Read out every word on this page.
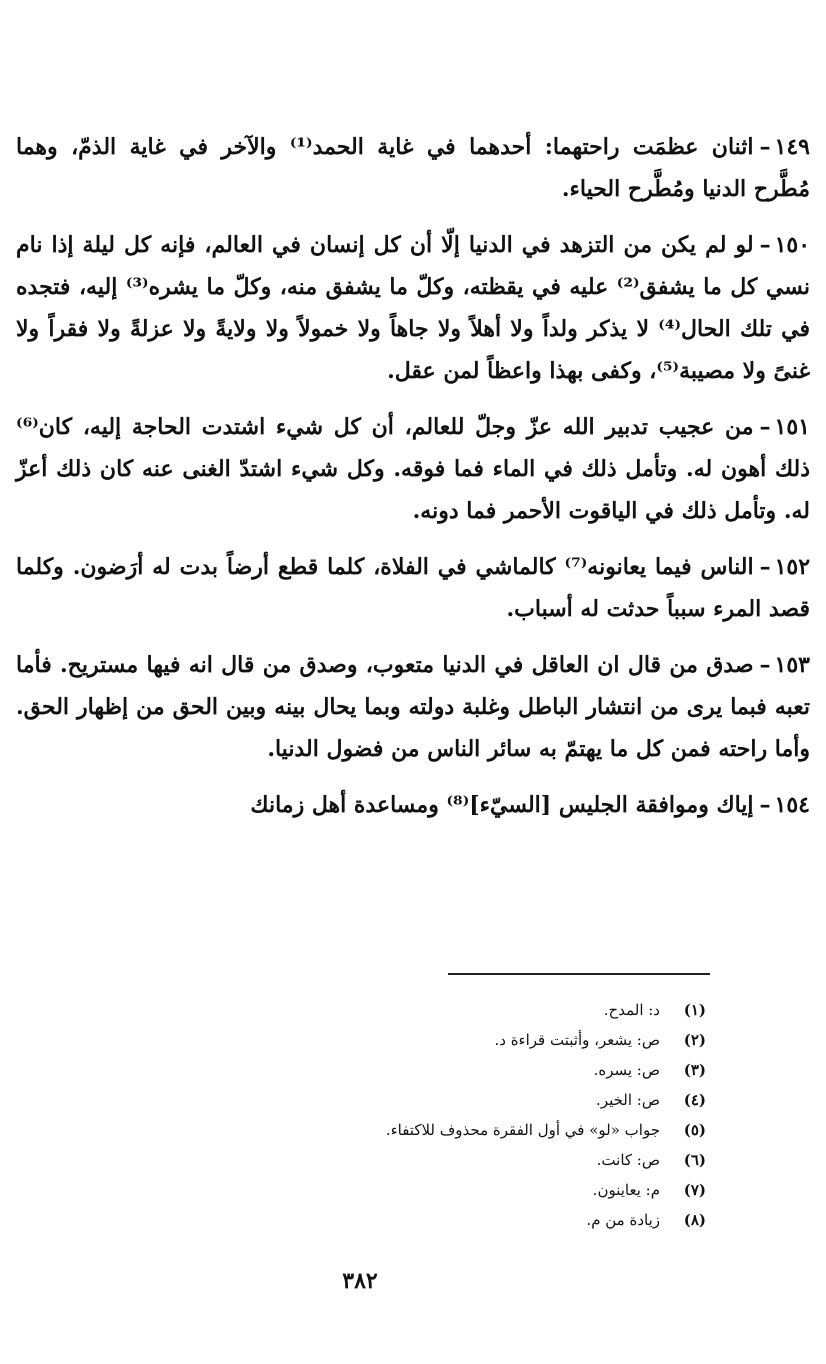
١٤٩–اثنان عظمَت راحتهما: أحدهما في غاية الحمد⁽¹⁾ والآخر في غاية الذمّ، وهما مُطَّرح الدنيا ومُطَّرح الحياء.

١٥٠–لو لم يكن من التزهد في الدنيا إلّا أن كل إنسان في العالم، فإنه كل ليلة إذا نام نسي كل ما يشفق⁽²⁾ عليه في يقظته، وكلّ ما يشفق منه، وكلّ ما يشره⁽³⁾ إليه، فتجده في تلك الحال⁽⁴⁾ لا يذكر ولداً ولا أهلاً ولا جاهاً ولا خمولاً ولا ولايةً ولا عزلةً ولا فقراً ولا غنىً ولا مصيبة⁽⁵⁾، وكفى بهذا واعظاً لمن عقل.

١٥١–من عجيب تدبير الله عزّ وجلّ للعالم، أن كل شيء اشتدت الحاجة إليه، كان⁽⁶⁾ ذلك أهون له. وتأمل ذلك في الماء فما فوقه. وكل شيء اشتدّ الغنى عنه كان ذلك أعزّ له. وتأمل ذلك في الياقوت الأحمر فما دونه.

١٥٢–الناس فيما يعانونه⁽⁷⁾ كالماشي في الفلاة، كلما قطع أرضاً بدت له أرَضون. وكلما قصد المرء سبباً حدثت له أسباب.

١٥٣–صدق من قال ان العاقل في الدنيا متعوب، وصدق من قال انه فيها مستريح. فأما تعبه فبما يرى من انتشار الباطل وغلبة دولته وبما يحال بينه وبين الحق من إظهار الحق. وأما راحته فمن كل ما يهتمّ به سائر الناس من فضول الدنيا.

١٥٤–إياك وموافقة الجليس [السيّء]⁽⁸⁾ ومساعدة أهل زمانك

(١)د: المدح.
(٢)ص: يشعر، وأثبتت قراءة د.
(٣)ص: يسره.
(٤)ص: الخير.
(٥)جواب «لو» في أول الفقرة محذوف للاكتفاء.
(٦)ص: كانت.
(٧)م: يعاينون.
(٨)زيادة من م.
٣٨٢
